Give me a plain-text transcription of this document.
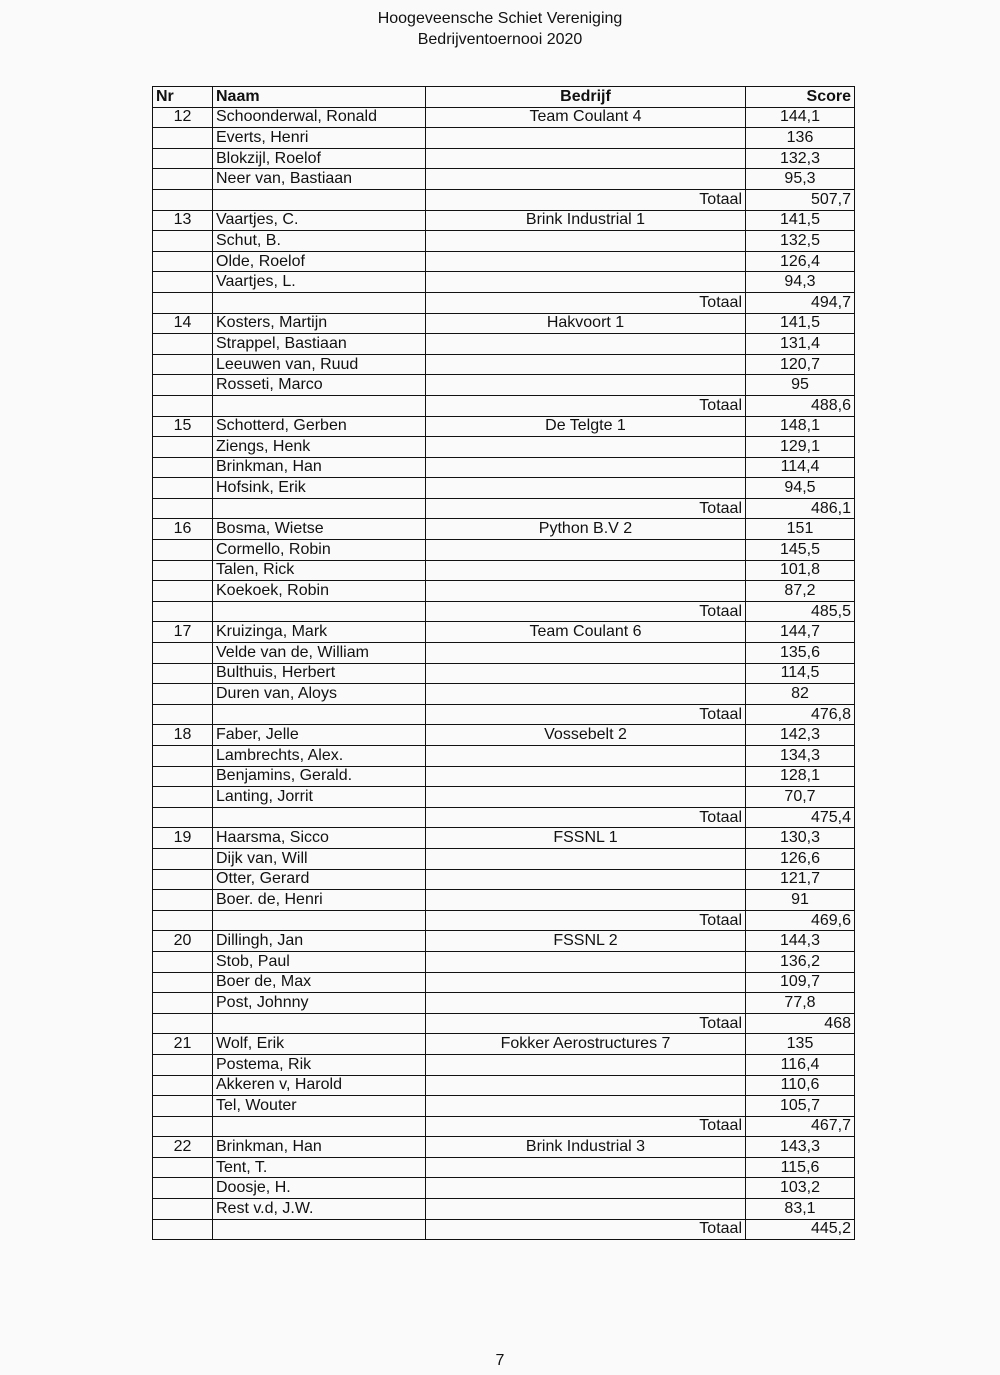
Hoogeveensche Schiet Vereniging
Bedrijventoernooi 2020
Nr	Naam	Bedrijf	Score
12	Schoonderwal, Ronald	Team Coulant 4	144,1
	Everts, Henri		136
	Blokzijl, Roelof		132,3
	Neer van, Bastiaan		95,3
		Totaal	507,7
13	Vaartjes, C.	Brink Industrial 1	141,5
	Schut, B.		132,5
	Olde, Roelof		126,4
	Vaartjes, L.		94,3
		Totaal	494,7
14	Kosters, Martijn	Hakvoort 1	141,5
	Strappel, Bastiaan		131,4
	Leeuwen van, Ruud		120,7
	Rosseti, Marco		95
		Totaal	488,6
15	Schotterd, Gerben	De Telgte 1	148,1
	Ziengs, Henk		129,1
	Brinkman, Han		114,4
	Hofsink, Erik		94,5
		Totaal	486,1
16	Bosma, Wietse	Python B.V 2	151
	Cormello, Robin		145,5
	Talen, Rick		101,8
	Koekoek, Robin		87,2
		Totaal	485,5
17	Kruizinga, Mark	Team Coulant 6	144,7
	Velde van de, William		135,6
	Bulthuis, Herbert		114,5
	Duren van, Aloys		82
		Totaal	476,8
18	Faber, Jelle	Vossebelt 2	142,3
	Lambrechts, Alex.		134,3
	Benjamins, Gerald.		128,1
	Lanting, Jorrit		70,7
		Totaal	475,4
19	Haarsma, Sicco	FSSNL 1	130,3
	Dijk van, Will		126,6
	Otter, Gerard		121,7
	Boer. de, Henri		91
		Totaal	469,6
20	Dillingh, Jan	FSSNL 2	144,3
	Stob, Paul		136,2
	Boer de, Max		109,7
	Post, Johnny		77,8
		Totaal	468
21	Wolf, Erik	Fokker Aerostructures 7	135
	Postema, Rik		116,4
	Akkeren v, Harold		110,6
	Tel, Wouter		105,7
		Totaal	467,7
22	Brinkman, Han	Brink Industrial 3	143,3
	Tent, T.		115,6
	Doosje, H.		103,2
	Rest v.d, J.W.		83,1
		Totaal	445,2
7
